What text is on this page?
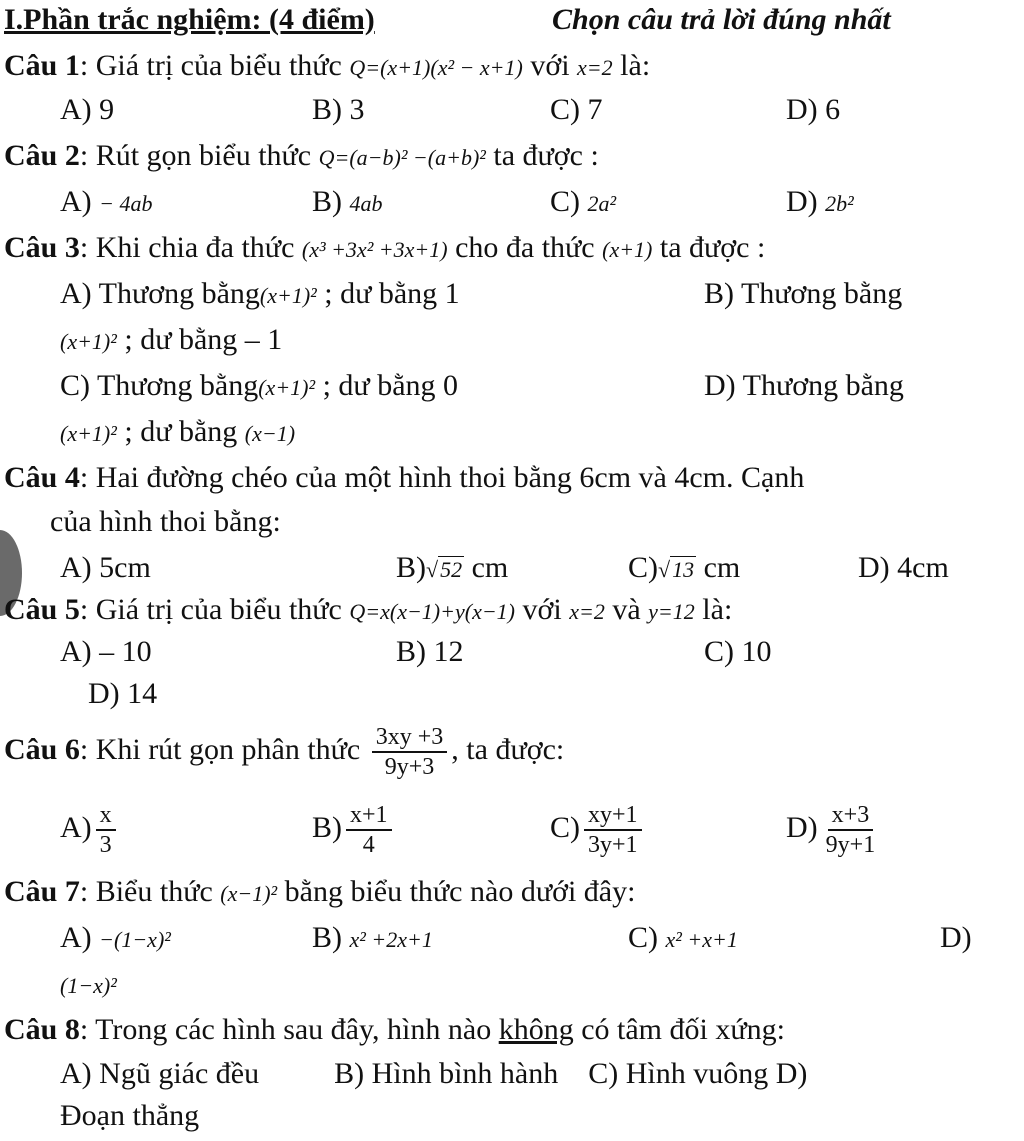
I.Phần trắc nghiệm: (4 điểm)	Chọn câu trả lời đúng nhất
Câu 1: Giá trị của biểu thức Q=(x+1)(x² − x+1) với x=2 là:
A) 9	B) 3	C) 7	D) 6
Câu 2: Rút gọn biểu thức Q=(a−b)² −(a+b)² ta được :
A) − 4ab	B) 4ab	C) 2a²	D) 2b²
Câu 3: Khi chia đa thức (x³ +3x² +3x+1) cho đa thức (x+1) ta được :
A) Thương bằng(x+1)² ; dư bằng 1	B) Thương bằng
(x+1)² ; dư bằng – 1
C) Thương bằng(x+1)² ; dư bằng 0	D) Thương bằng
(x+1)² ; dư bằng (x−1)
Câu 4: Hai đường chéo của một hình thoi bằng 6cm và 4cm. Cạnh
của hình thoi bằng:
A) 5cm	B)√52 cm	C)√13 cm	D) 4cm
Câu 5: Giá trị của biểu thức Q=x(x−1)+y(x−1) với x=2 và y=12 là:
A) – 10	B) 12	C) 10
D) 14
Câu 6: Khi rút gọn phân thức $\frac{3xy +3}{9y+3}$ , ta được:
$A) \frac{x}{3}$	$B) \frac{x+1}{4}$	$C) \frac{xy+1}{3y+1}$	$D) \frac{x+3}{9y+1}$
Câu 7: Biểu thức (x−1)² bằng biểu thức nào dưới đây:
A) −(1−x)²	B) x² +2x+1	C) x² +x+1	D)
(1−x)²
Câu 8: Trong các hình sau đây, hình nào không có tâm đối xứng:
A) Ngũ giác đều          B) Hình bình hành    C) Hình vuông D)
Đoạn thẳng
